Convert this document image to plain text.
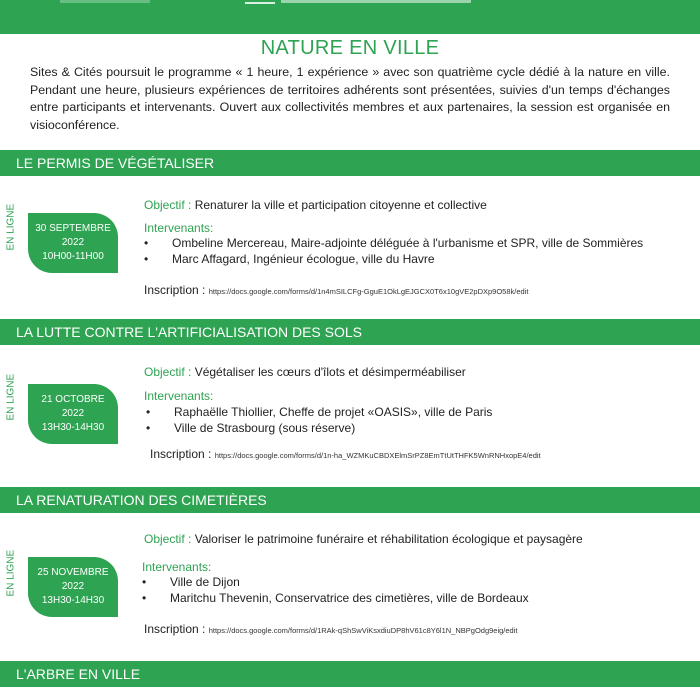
NATURE EN VILLE

Sites & Cités poursuit le programme « 1 heure, 1 expérience » avec son quatrième cycle dédié à la nature en ville. Pendant une heure, plusieurs expériences de territoires adhérents sont présentées, suivies d'un temps d'échanges entre participants et intervenants. Ouvert aux collectivités membres et aux partenaires, la session est organisée en visioconférence.

LE PERMIS DE VÉGÉTALISER
EN LIGNE 30 SEPTEMBRE
2022
10H00-11H00
Objectif : Renaturer la ville et participation citoyenne et collective
Intervenants:
• Ombeline Mercereau, Maire-adjointe déléguée à l'urbanisme et SPR, ville de Sommières
• Marc Affagard, Ingénieur écologue, ville du Havre
Inscription : https://docs.google.com/forms/d/1n4mSILCFg-GguE1OkLgEJGCX0T6x10gVE2pDXp9O58k/edit
LA LUTTE CONTRE L'ARTIFICIALISATION DES SOLS
EN LIGNE 21 OCTOBRE
2022
13H30-14H30
Objectif : Végétaliser les cœurs d'îlots et désimperméabiliser
Intervenants:
• Raphaëlle Thiollier, Cheffe de projet «OASIS», ville de Paris
• Ville de Strasbourg (sous réserve)
Inscription : https://docs.google.com/forms/d/1n-ha_WZMKuCBDXElmSrPZ8EmTtUtTHFK5WnRNHxopE4/edit
LA RENATURATION DES CIMETIÈRES
EN LIGNE 25 NOVEMBRE
2022
13H30-14H30
Objectif : Valoriser le patrimoine funéraire et réhabilitation écologique et paysagère
Intervenants:
• Ville de Dijon
• Maritchu Thevenin, Conservatrice des cimetières, ville de Bordeaux
Inscription : https://docs.google.com/forms/d/1RAk-qShSwViKsxdiuDP8hV61c8Y6l1N_NBPgOdg9eig/edit
L'ARBRE EN VILLE
